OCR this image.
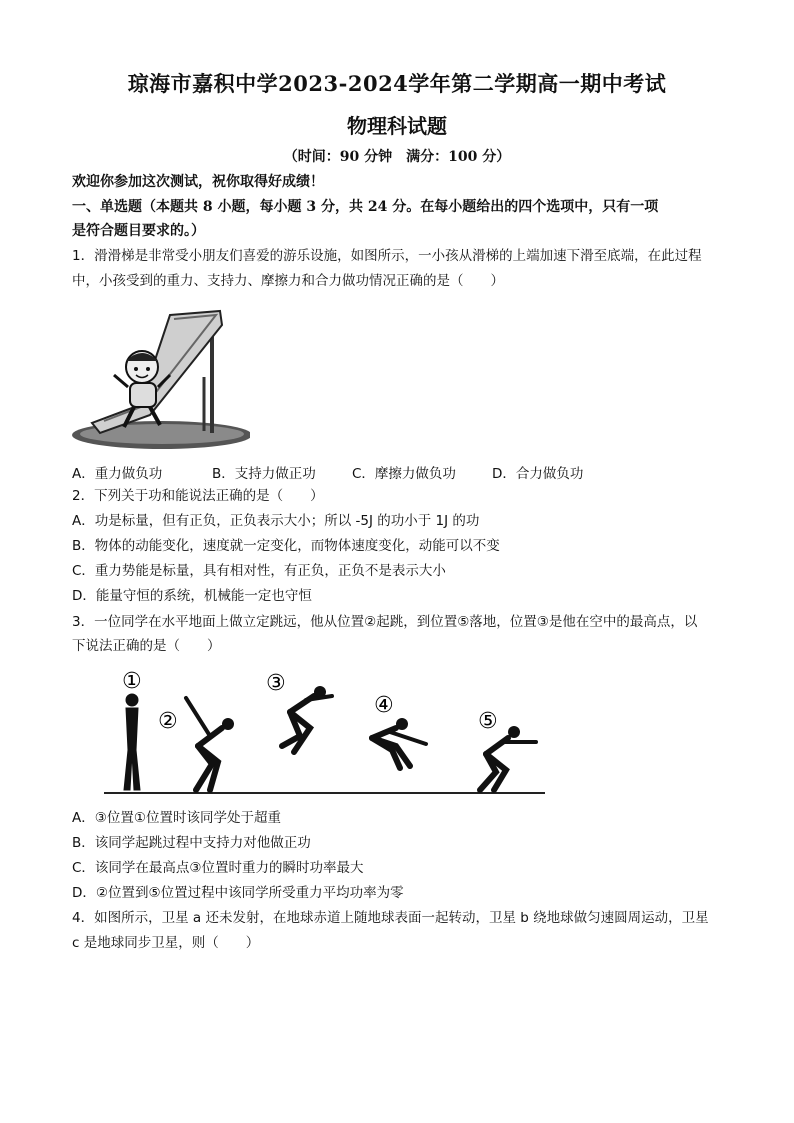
琼海市嘉积中学2023-2024学年第二学期高一期中考试
物理科试题
（时间：90 分钟　满分：100 分）
欢迎你参加这次测试，祝你取得好成绩！
一、单选题（本题共 8 小题，每小题 3 分，共 24 分。在每小题给出的四个选项中，只有一项
是符合题目要求的。）
1．滑滑梯是非常受小朋友们喜爱的游乐设施，如图所示，一小孩从滑梯的上端加速下滑至底端，在此过程
中，小孩受到的重力、支持力、摩擦力和合力做功情况正确的是（　　）
A．重力做负功	B．支持力做正功	C．摩擦力做负功	D．合力做负功
2．下列关于功和能说法正确的是（　　）
A．功是标量，但有正负，正负表示大小；所以 -5J 的功小于 1J 的功
B．物体的动能变化，速度就一定变化，而物体速度变化，动能可以不变
C．重力势能是标量，具有相对性，有正负，正负不是表示大小
D．能量守恒的系统，机械能一定也守恒
3．一位同学在水平地面上做立定跳远，他从位置②起跳，到位置⑤落地，位置③是他在空中的最高点，以
下说法正确的是（　　）
①
②
③
④
⑤
A．③位置①位置时该同学处于超重
B．该同学起跳过程中支持力对他做正功
C．该同学在最高点③位置时重力的瞬时功率最大
D．②位置到⑤位置过程中该同学所受重力平均功率为零
4．如图所示，卫星 a 还未发射，在地球赤道上随地球表面一起转动，卫星 b 绕地球做匀速圆周运动，卫星
c 是地球同步卫星，则（　　）
